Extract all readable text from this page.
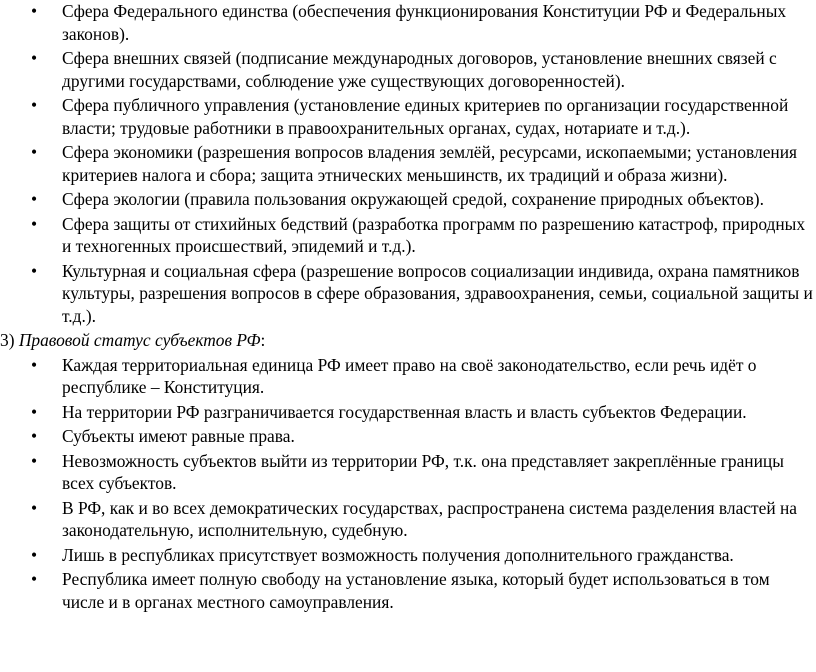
• Сфера Федерального единства (обеспечения функционирования Конституции РФ и Федеральных законов).
• Сфера внешних связей (подписание международных договоров, установление внешних связей с другими государствами, соблюдение уже существующих договоренностей).
• Сфера публичного управления (установление единых критериев по организации государственной власти; трудовые работники в правоохранительных органах, судах, нотариате и т.д.).
• Сфера экономики (разрешения вопросов владения землёй, ресурсами, ископаемыми; установления критериев налога и сбора; защита этнических меньшинств, их традиций и образа жизни).
• Сфера экологии (правила пользования окружающей средой, сохранение природных объектов).
• Сфера защиты от стихийных бедствий (разработка программ по разрешению катастроф, природных и техногенных происшествий, эпидемий и т.д.).
• Культурная и социальная сфера (разрешение вопросов социализации индивида, охрана памятников культуры, разрешения вопросов в сфере образования, здравоохранения, семьи, социальной защиты и т.д.).
3) Правовой статус субъектов РФ:
• Каждая территориальная единица РФ имеет право на своё законодательство, если речь идёт о республике – Конституция.
• На территории РФ разграничивается государственная власть и власть субъектов Федерации.
• Субъекты имеют равные права.
• Невозможность субъектов выйти из территории РФ, т.к. она представляет закреплённые границы всех субъектов.
• В РФ, как и во всех демократических государствах, распространена система разделения властей на законодательную, исполнительную, судебную.
• Лишь в республиках присутствует возможность получения дополнительного гражданства.
• Республика имеет полную свободу на установление языка, который будет использоваться в том числе и в органах местного самоуправления.
